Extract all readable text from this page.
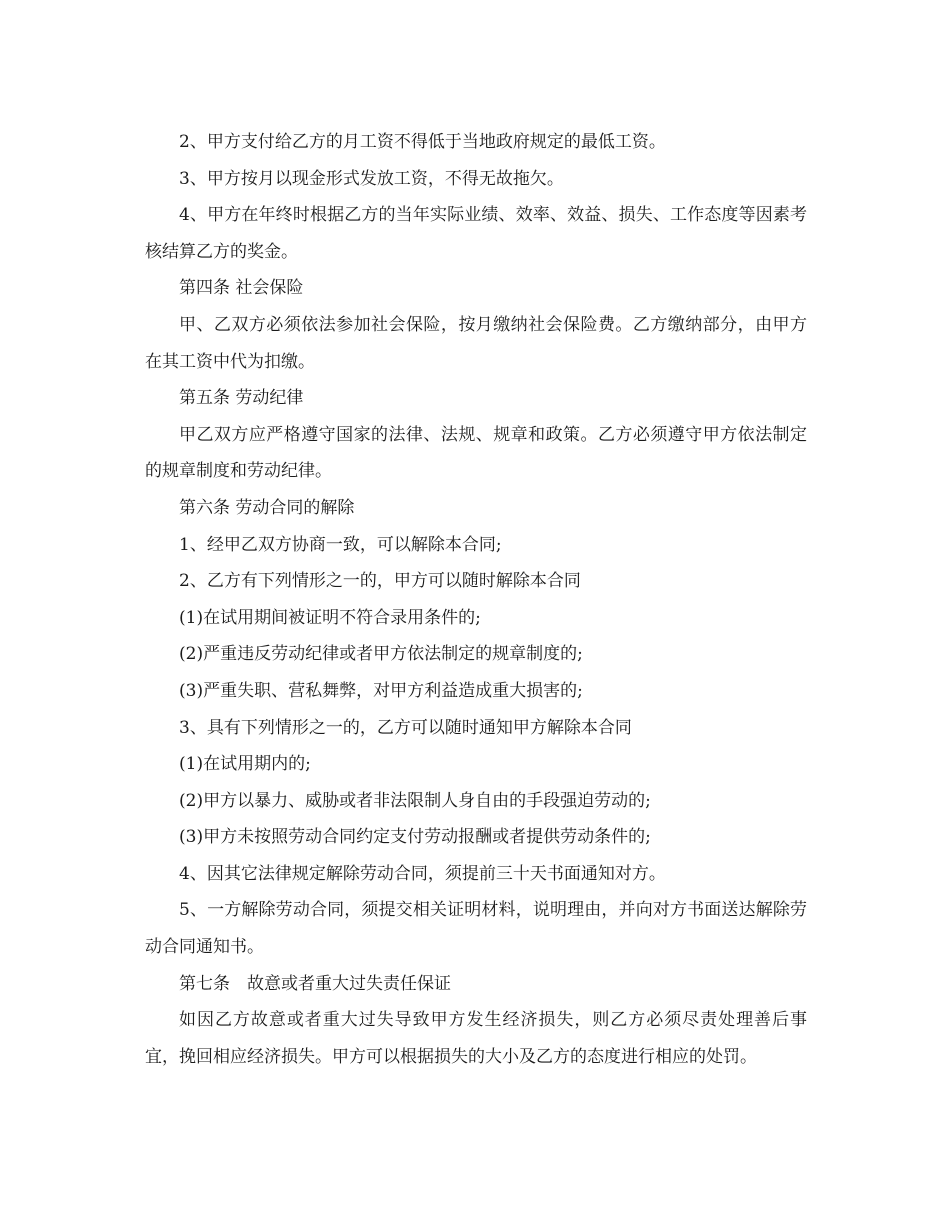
2、甲方支付给乙方的月工资不得低于当地政府规定的最低工资。

3、甲方按月以现金形式发放工资，不得无故拖欠。

4、甲方在年终时根据乙方的当年实际业绩、效率、效益、损失、工作态度等因素考核结算乙方的奖金。

第四条 社会保险

甲、乙双方必须依法参加社会保险，按月缴纳社会保险费。乙方缴纳部分，由甲方在其工资中代为扣缴。

第五条 劳动纪律

甲乙双方应严格遵守国家的法律、法规、规章和政策。乙方必须遵守甲方依法制定的规章制度和劳动纪律。

第六条 劳动合同的解除

1、经甲乙双方协商一致，可以解除本合同;

2、乙方有下列情形之一的，甲方可以随时解除本合同

(1)在试用期间被证明不符合录用条件的;

(2)严重违反劳动纪律或者甲方依法制定的规章制度的;

(3)严重失职、营私舞弊，对甲方利益造成重大损害的;

3、具有下列情形之一的，乙方可以随时通知甲方解除本合同

(1)在试用期内的;

(2)甲方以暴力、威胁或者非法限制人身自由的手段强迫劳动的;

(3)甲方未按照劳动合同约定支付劳动报酬或者提供劳动条件的;

4、因其它法律规定解除劳动合同，须提前三十天书面通知对方。

5、一方解除劳动合同，须提交相关证明材料，说明理由，并向对方书面送达解除劳动合同通知书。

第七条　故意或者重大过失责任保证

如因乙方故意或者重大过失导致甲方发生经济损失，则乙方必须尽责处理善后事宜，挽回相应经济损失。甲方可以根据损失的大小及乙方的态度进行相应的处罚。
